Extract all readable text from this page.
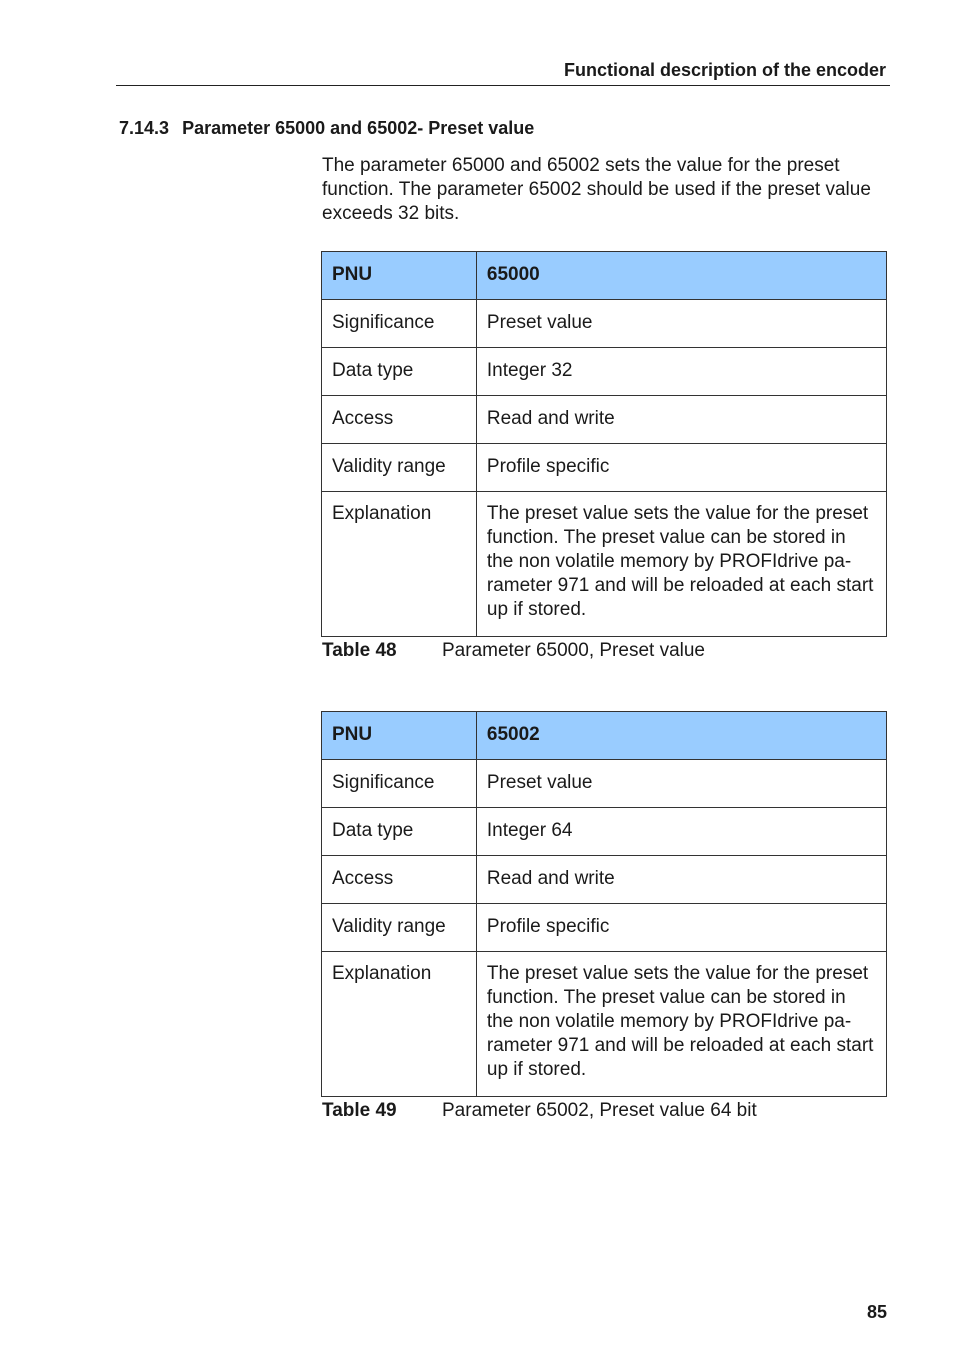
Functional description of the encoder
7.14.3 Parameter 65000 and 65002- Preset value

The parameter 65000 and 65002 sets the value for the preset function. The parameter 65002 should be used if the preset value exceeds 32 bits.

PNU	65000
Significance	Preset value
Data type	Integer 32
Access	Read and write
Validity range	Profile specific
Explanation	The preset value sets the value for the preset function. The preset value can be stored in the non volatile memory by PROFIdrive pa-rameter 971 and will be reloaded at each start up if stored.
Table 48 Parameter 65000, Preset value
PNU	65002
Significance	Preset value
Data type	Integer 64
Access	Read and write
Validity range	Profile specific
Explanation	The preset value sets the value for the preset function. The preset value can be stored in the non volatile memory by PROFIdrive pa-rameter 971 and will be reloaded at each start up if stored.
Table 49 Parameter 65002, Preset value 64 bit
85
